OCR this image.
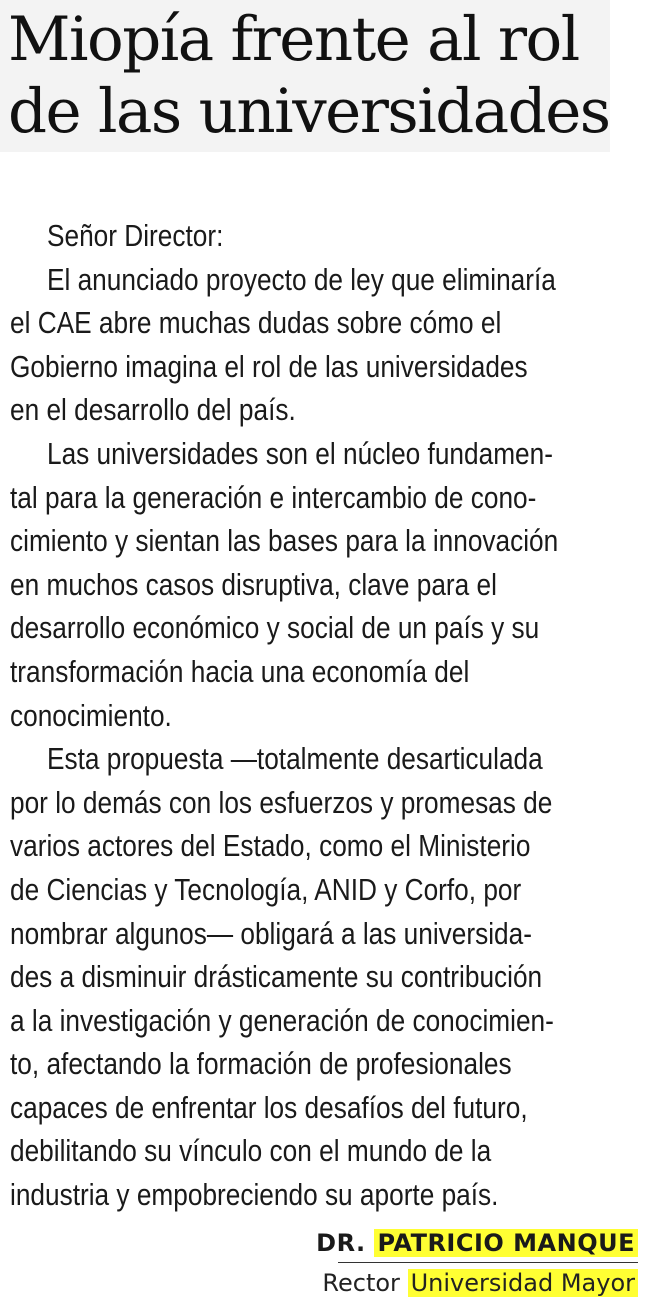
Miopía frente al rol
de las universidades
Señor Director:
El anunciado proyecto de ley que eliminaría
el CAE abre muchas dudas sobre cómo el
Gobierno imagina el rol de las universidades
en el desarrollo del país.
Las universidades son el núcleo fundamen-
tal para la generación e intercambio de cono-
cimiento y sientan las bases para la innovación
en muchos casos disruptiva, clave para el
desarrollo económico y social de un país y su
transformación hacia una economía del
conocimiento.
Esta propuesta —totalmente desarticulada
por lo demás con los esfuerzos y promesas de
varios actores del Estado, como el Ministerio
de Ciencias y Tecnología, ANID y Corfo, por
nombrar algunos— obligará a las universida-
des a disminuir drásticamente su contribución
a la investigación y generación de conocimien-
to, afectando la formación de profesionales
capaces de enfrentar los desafíos del futuro,
debilitando su vínculo con el mundo de la
industria y empobreciendo su aporte país.
DR. PATRICIO MANQUE
Rector Universidad Mayor
